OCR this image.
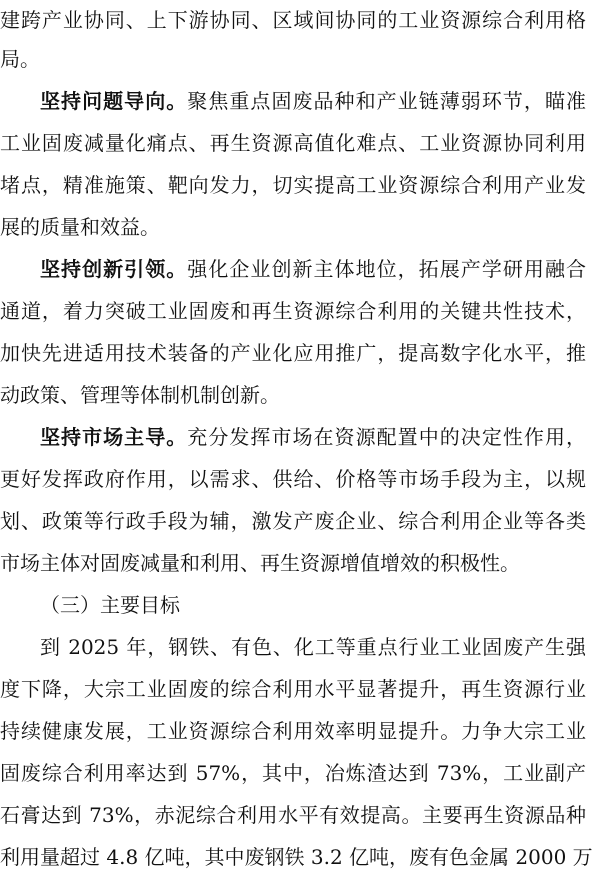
建跨产业协同、上下游协同、区域间协同的工业资源综合利用格
局。
坚持问题导向。聚焦重点固废品种和产业链薄弱环节，瞄准
工业固废减量化痛点、再生资源高值化难点、工业资源协同利用
堵点，精准施策、靶向发力，切实提高工业资源综合利用产业发
展的质量和效益。
坚持创新引领。强化企业创新主体地位，拓展产学研用融合
通道，着力突破工业固废和再生资源综合利用的关键共性技术，
加快先进适用技术装备的产业化应用推广，提高数字化水平，推
动政策、管理等体制机制创新。
坚持市场主导。充分发挥市场在资源配置中的决定性作用，
更好发挥政府作用，以需求、供给、价格等市场手段为主，以规
划、政策等行政手段为辅，激发产废企业、综合利用企业等各类
市场主体对固废减量和利用、再生资源增值增效的积极性。
（三）主要目标
到 2025 年，钢铁、有色、化工等重点行业工业固废产生强
度下降，大宗工业固废的综合利用水平显著提升，再生资源行业
持续健康发展，工业资源综合利用效率明显提升。力争大宗工业
固废综合利用率达到 57%，其中，冶炼渣达到 73%，工业副产
石膏达到 73%，赤泥综合利用水平有效提高。主要再生资源品种
利用量超过 4.8 亿吨，其中废钢铁 3.2 亿吨，废有色金属 2000 万
